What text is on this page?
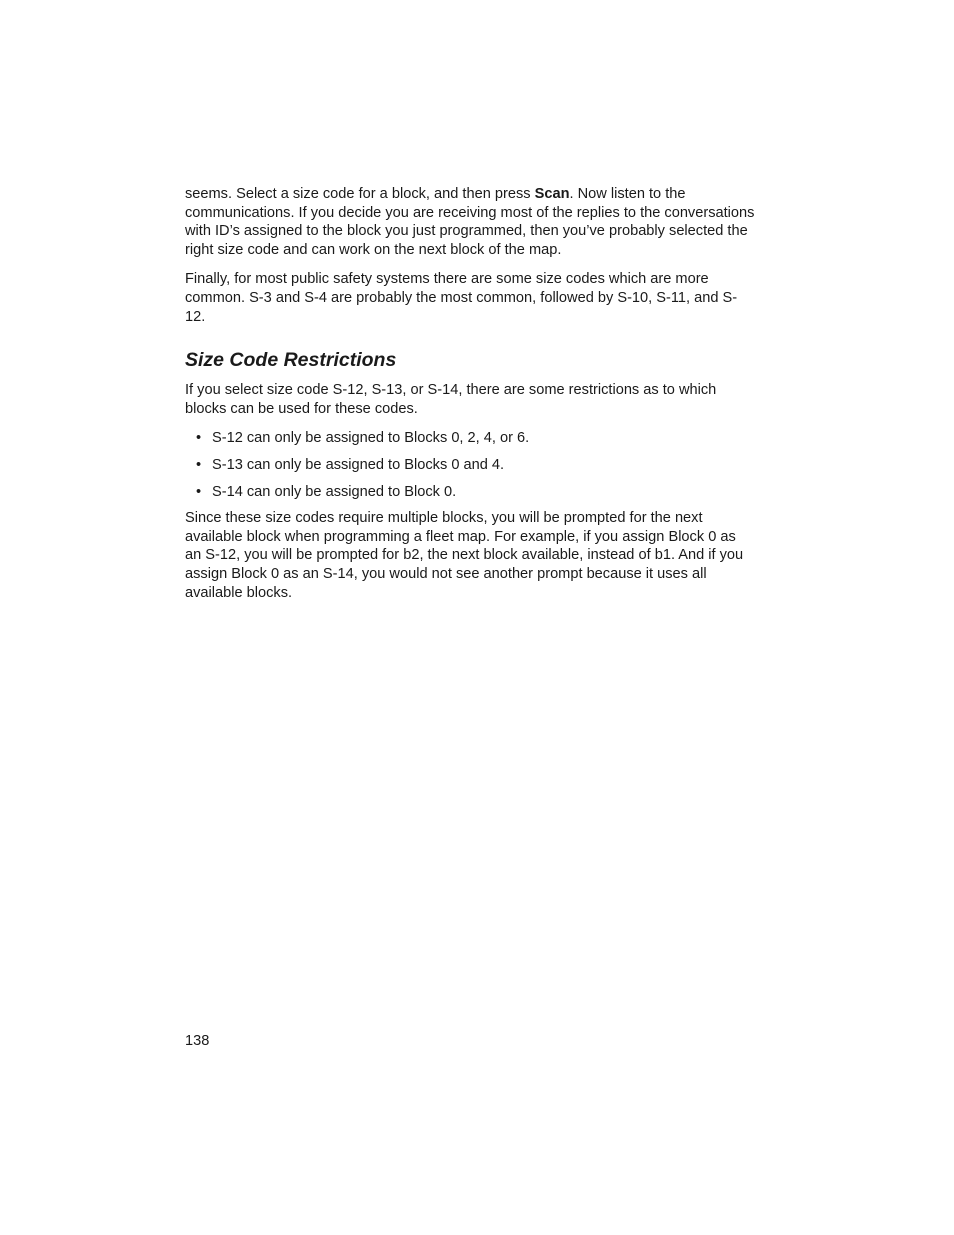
seems. Select a size code for a block, and then press Scan. Now listen to the communications. If you decide you are receiving most of the replies to the conversations with ID’s assigned to the block you just programmed, then you’ve probably selected the right size code and can work on the next block of the map.

Finally, for most public safety systems there are some size codes which are more common. S-3 and S-4 are probably the most common, followed by S-10, S-11, and S-12.

Size Code Restrictions

If you select size code S-12, S-13, or S-14, there are some restrictions as to which blocks can be used for these codes.

• S-12 can only be assigned to Blocks 0, 2, 4, or 6.
• S-13 can only be assigned to Blocks 0 and 4.
• S-14 can only be assigned to Block 0.

Since these size codes require multiple blocks, you will be prompted for the next available block when programming a fleet map. For example, if you assign Block 0 as an S-12, you will be prompted for b2, the next block available, instead of b1. And if you assign Block 0 as an S-14, you would not see another prompt because it uses all available blocks.

138
